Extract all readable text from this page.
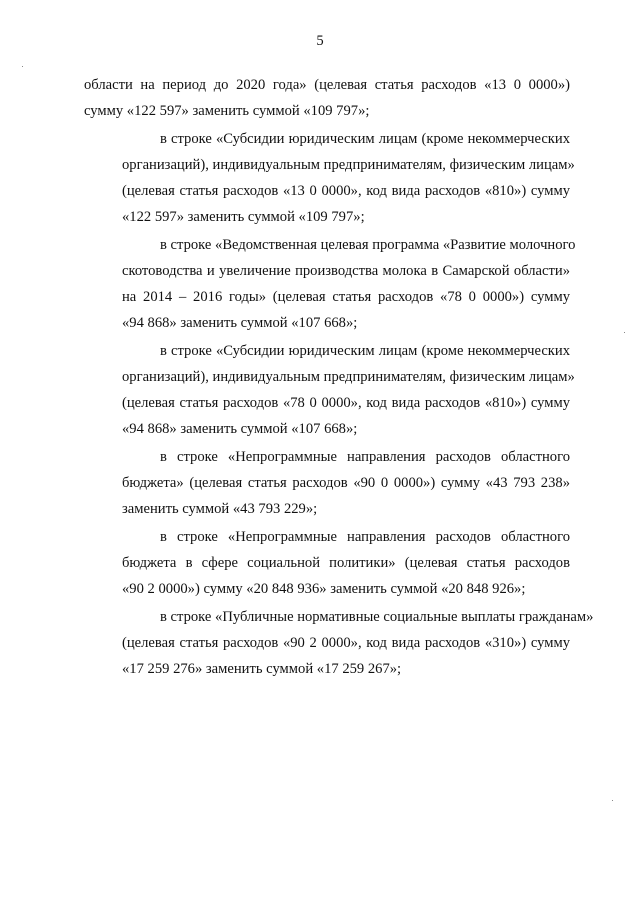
5

области на период до 2020 года» (целевая статья расходов «13 0 0000»)
сумму «122 597» заменить суммой «109 797»;

в строке «Субсидии юридическим лицам (кроме некоммерческих
организаций), индивидуальным предпринимателям, физическим лицам»
(целевая статья расходов «13 0 0000», код вида расходов «810») сумму
«122 597» заменить суммой «109 797»;

в строке «Ведомственная целевая программа «Развитие молочного
скотоводства и увеличение производства молока в Самарской области»
на 2014 – 2016 годы» (целевая статья расходов «78 0 0000») сумму
«94 868» заменить суммой «107 668»;

в строке «Субсидии юридическим лицам (кроме некоммерческих
организаций), индивидуальным предпринимателям, физическим лицам»
(целевая статья расходов «78 0 0000», код вида расходов «810») сумму
«94 868» заменить суммой «107 668»;

в строке «Непрограммные направления расходов областного
бюджета» (целевая статья расходов «90 0 0000») сумму «43 793 238»
заменить суммой «43 793 229»;

в строке «Непрограммные направления расходов областного
бюджета в сфере социальной политики» (целевая статья расходов
«90 2 0000») сумму «20 848 936» заменить суммой «20 848 926»;

в строке «Публичные нормативные социальные выплаты гражданам»
(целевая статья расходов «90 2 0000», код вида расходов «310») сумму
«17 259 276» заменить суммой «17 259 267»;
